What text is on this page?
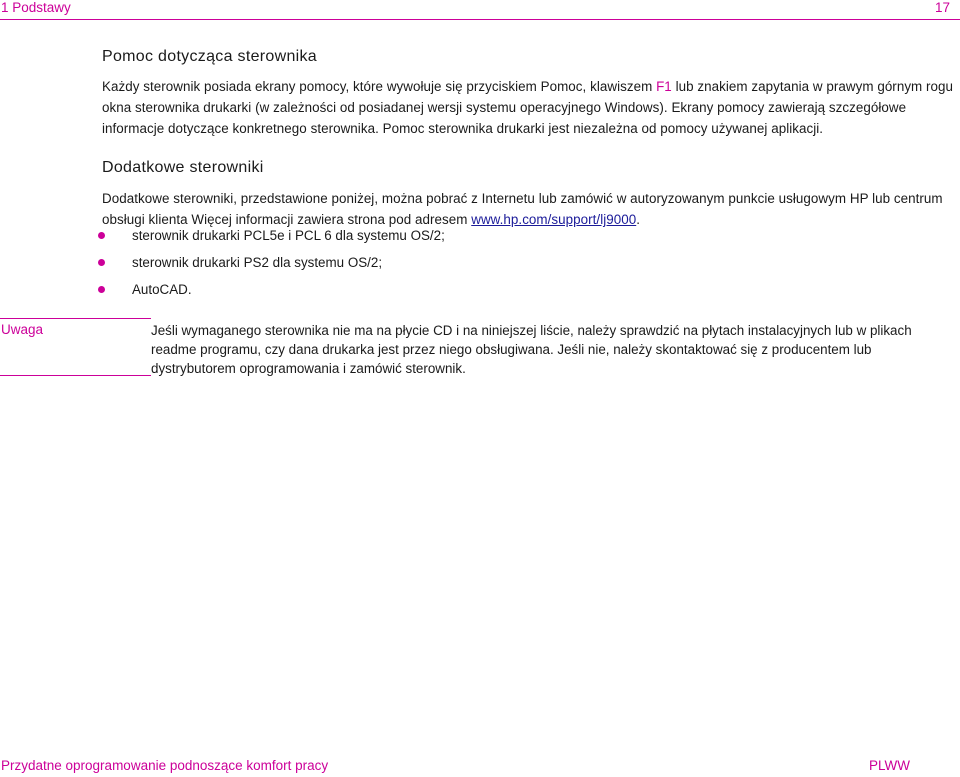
1 Podstawy	17
Pomoc dotycząca sterownika

Każdy sterownik posiada ekrany pomocy, które wywołuje się przyciskiem Pomoc, klawiszem F1 lub znakiem zapytania w prawym górnym rogu okna sterownika drukarki (w zależności od posiadanej wersji systemu operacyjnego Windows). Ekrany pomocy zawierają szczegółowe informacje dotyczące konkretnego sterownika. Pomoc sterownika drukarki jest niezależna od pomocy używanej aplikacji.

Dodatkowe sterowniki

Dodatkowe sterowniki, przedstawione poniżej, można pobrać z Internetu lub zamówić w autoryzowanym punkcie usługowym HP lub centrum obsługi klienta Więcej informacji zawiera strona pod adresem www.hp.com/support/lj9000.

sterownik drukarki PCL5e i PCL 6 dla systemu OS/2;
sterownik drukarki PS2 dla systemu OS/2;
AutoCAD.
Uwaga	Jeśli wymaganego sterownika nie ma na płycie CD i na niniejszej liście, należy sprawdzić na płytach instalacyjnych lub w plikach readme programu, czy dana drukarka jest przez niego obsługiwana. Jeśli nie, należy skontaktować się z producentem lub dystrybutorem oprogramowania i zamówić sterownik.
Przydatne oprogramowanie podnoszące komfort pracy	PLWW
